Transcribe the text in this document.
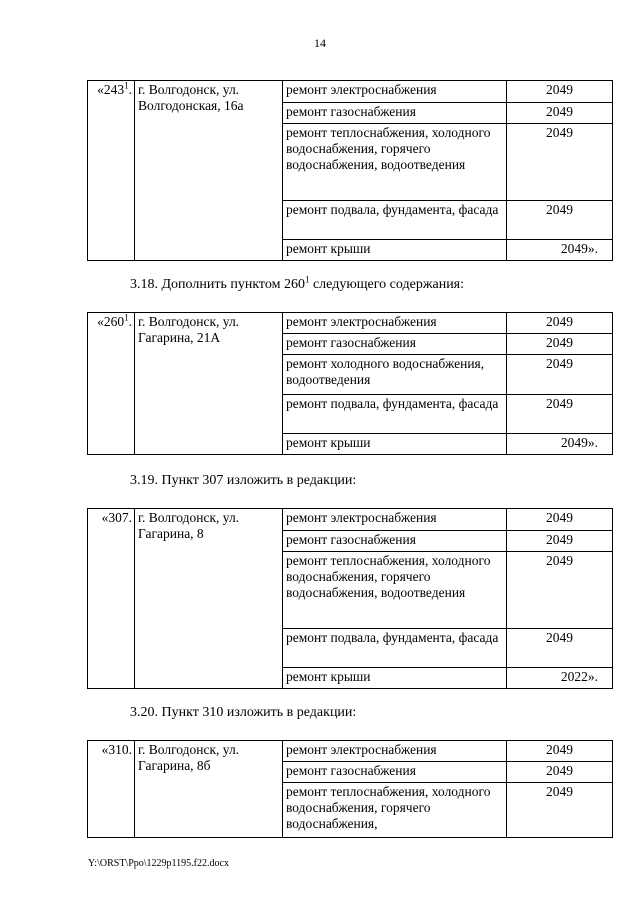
14
«$243^1$.	г. Волгодонск, ул. Волгодонская, 16а	ремонт электроснабжения	2049
		ремонт газоснабжения	2049
		ремонт теплоснабжения, холодного водоснабжения, горячего водоснабжения, водоотведения	2049
		ремонт подвала, фундамента, фасада	2049
		ремонт крыши	2049».
3.18. Дополнить пунктом $260^1$ следующего содержания:
«$260^1$.	г. Волгодонск, ул. Гагарина, 21А	ремонт электроснабжения	2049
		ремонт газоснабжения	2049
		ремонт холодного водоснабжения, водоотведения	2049
		ремонт подвала, фундамента, фасада	2049
		ремонт крыши	2049».
3.19. Пункт 307 изложить в редакции:
«307.	г. Волгодонск, ул. Гагарина, 8	ремонт электроснабжения	2049
		ремонт газоснабжения	2049
		ремонт теплоснабжения, холодного водоснабжения, горячего водоснабжения, водоотведения	2049
		ремонт подвала, фундамента, фасада	2049
		ремонт крыши	2022».
3.20. Пункт 310 изложить в редакции:
«310.	г. Волгодонск, ул. Гагарина, 8б	ремонт электроснабжения	2049
		ремонт газоснабжения	2049
		ремонт теплоснабжения, холодного водоснабжения, горячего водоснабжения,	2049
Y:\ORST\Ppo\1229p1195.f22.docx
